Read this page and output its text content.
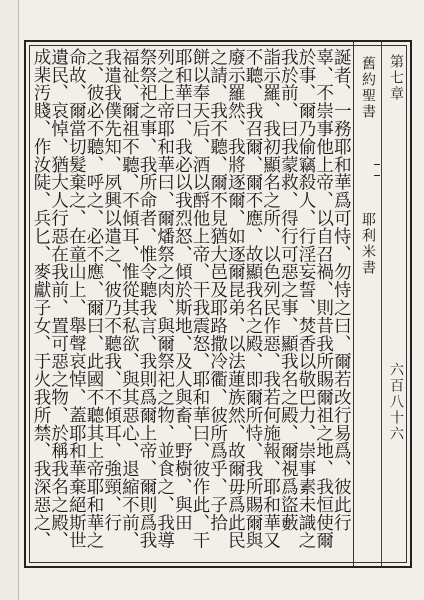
舊約聖書
耶利米書
第七章
六百八十六
誕者、一務耶和華爲可恃、勿恃之曰、爾若改行易爲、彼此行
辜、不崇事他上帝、以自召禍、則昔我所賜爾祖之地、我恒使爾
於事、爾乃偷竊殺人、行淫妄誓、焚香以敬巴力、崇事素未識之
我於前、曰我蒙救、得行可惡之事、顯我名之殿、爾視爲盜藪
詣示羅、我初顯名之所、以色列民作惡、我若何施報、耶和華又
不聽、我召爾、爾不應、故顯我名之殿、即爾所恃、我所賜爾與
廢示羅然、我將逐爾、如逐爾昆弟、以法蓮族然、故爾毋爲此民
之請、我不聽、爾不見猶大邑及耶路撒冷衢、彼所爲乎、子拾
餅以奉天后、酒以酹他上帝、干我震怒、耶和華曰、彼作此、干
耶和華曰、我必以我烈怒、傾於斯地、及人與畜、野樹、與田
列之上帝耶和華曰、爾燔祭之肉、與爾祭祀之物、並食之、我導
祭祭祀之事、我所命者、惟令聽我言、我則爲爾上帝、爾則爲我
福祉、爾祖不聽、不傾耳、惟從其私欲、與其惡心、退縮不前、
我遣我僕先知、夙興以遣之、彼乃不聽我、不傾耳、強頸、行
之、彼必不聽、呼之、必不應、爾曰、此國不聽其上帝耶和華之
命故、爾當切髮棄之、在童山上、舉聲哀悼、蓋耶和華棄絕斯世
遺民、哀悼、猶大人行惡在我前、置可惡之物、於稱我名之殿、
成棐汚賤、作汝陡、兵匕、麥獻子女、于火我所禁、我深惡之、
